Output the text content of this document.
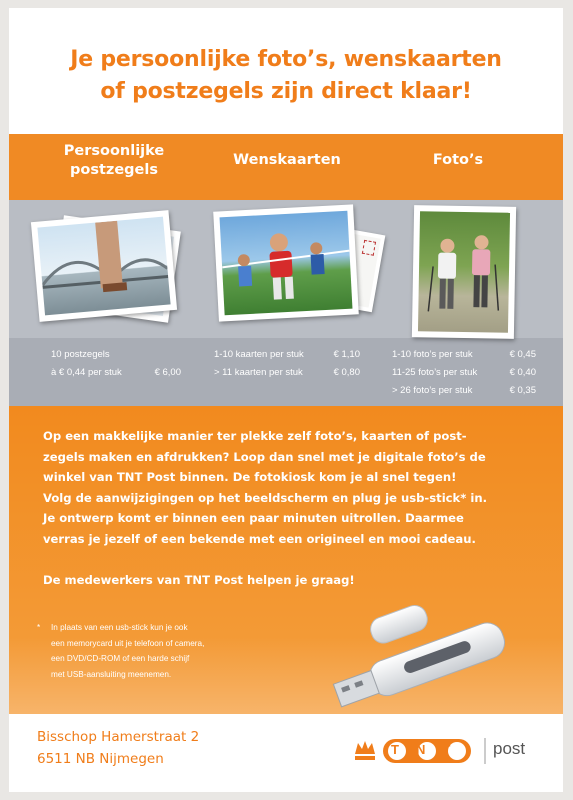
Je persoonlijke foto’s, wenskaarten
of postzegels zijn direct klaar!
Persoonlijke
postzegels
Wenskaarten	Foto’s
10 postzegels
à € 0,44 per stuk	€ 6,00
1-10 kaarten per stuk	€ 1,10
> 11 kaarten per stuk	€ 0,80
1-10 foto’s per stuk	€ 0,45
11-25 foto’s per stuk	€ 0,40
> 26 foto’s per stuk	€ 0,35
Op een makkelijke manier ter plekke zelf foto’s, kaarten of post-
zegels maken en afdrukken? Loop dan snel met je digitale foto’s de
winkel van TNT Post binnen. De fotokiosk kom je al snel tegen!
Volg de aanwijzigingen op het beeldscherm en plug je usb-stick* in.
Je ontwerp komt er binnen een paar minuten uitrollen. Daarmee
verras je jezelf of een bekende met een origineel en mooi cadeau.
De medewerkers van TNT Post helpen je graag!
*	In plaats van een usb-stick kun je ook
een memorycard uit je telefoon of camera,
een DVD/CD-ROM of een harde schijf
met USB-aansluiting meenemen.
Bisschop Hamerstraat 2
6511 NB Nijmegen
TNT post
